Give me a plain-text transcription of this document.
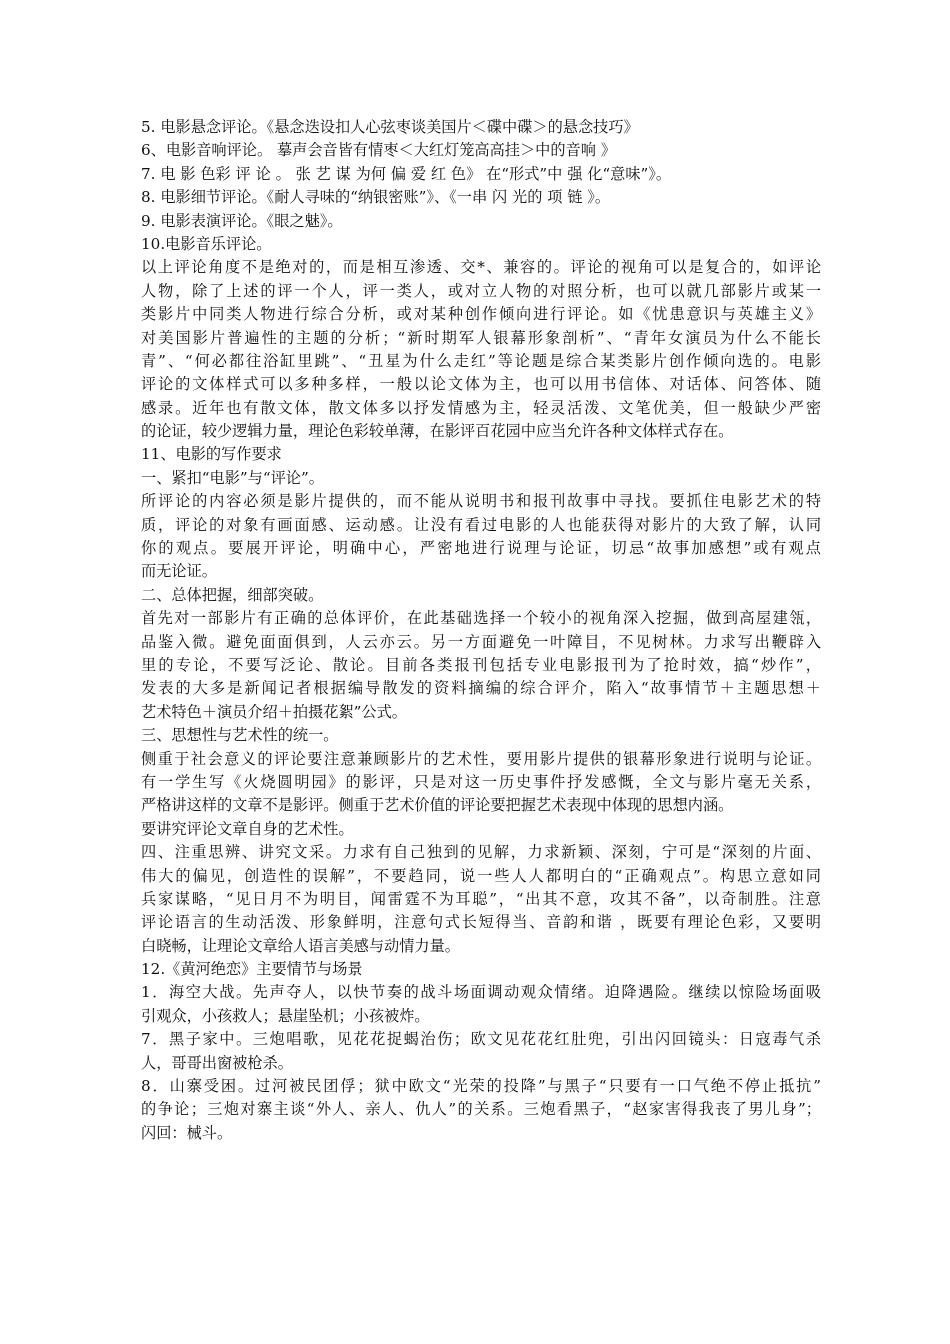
5. 电影悬念评论。《悬念迭设扣人心弦枣谈美国片＜碟中碟＞的悬念技巧》
6、电影音响评论。 摹声会音皆有情枣＜大红灯笼高高挂＞中的音响 》
7. 电 影 色彩 评 论 。 张 艺 谋 为何 偏 爱 红 色》 在“形式”中 强 化“意味”》。
8. 电影细节评论。《耐人寻味的“纳银密账”》、《一串 闪 光的 项 链 》。
9. 电影表演评论。《眼之魅》。
10.电影音乐评论。
以上评论角度不是绝对的，而是相互渗透、交*、兼容的。评论的视角可以是复合的，如评论
人物，除了上述的评一个人，评一类人，或对立人物的对照分析，也可以就几部影片或某一
类影片中同类人物进行综合分析，或对某种创作倾向进行评论。如《忧患意识与英雄主义》
对美国影片普遍性的主题的分析；“新时期军人银幕形象剖析”、“青年女演员为什么不能长
青”、“何必都往浴缸里跳”、“丑星为什么走红”等论题是综合某类影片创作倾向选的。电影
评论的文体样式可以多种多样，一般以论文体为主，也可以用书信体、对话体、问答体、随
感录。近年也有散文体，散文体多以抒发情感为主，轻灵活泼、文笔优美，但一般缺少严密
的论证，较少逻辑力量，理论色彩较单薄，在影评百花园中应当允许各种文体样式存在。
11、电影的写作要求
一、紧扣“电影”与“评论”。
所评论的内容必须是影片提供的，而不能从说明书和报刊故事中寻找。要抓住电影艺术的特
质，评论的对象有画面感、运动感。让没有看过电影的人也能获得对影片的大致了解，认同
你的观点。要展开评论，明确中心，严密地进行说理与论证，切忌“故事加感想”或有观点
而无论证。
二、总体把握，细部突破。
首先对一部影片有正确的总体评价，在此基础选择一个较小的视角深入挖掘，做到高屋建瓴，
品鉴入微。避免面面俱到，人云亦云。另一方面避免一叶障目，不见树林。力求写出鞭辟入
里的专论，不要写泛论、散论。目前各类报刊包括专业电影报刊为了抢时效，搞“炒作”，
发表的大多是新闻记者根据编导散发的资料摘编的综合评介，陷入“故事情节＋主题思想＋
艺术特色＋演员介绍＋拍摄花絮”公式。
三、思想性与艺术性的统一。
侧重于社会意义的评论要注意兼顾影片的艺术性，要用影片提供的银幕形象进行说明与论证。
有一学生写《火烧圆明园》的影评，只是对这一历史事件抒发感慨，全文与影片毫无关系，
严格讲这样的文章不是影评。侧重于艺术价值的评论要把握艺术表现中体现的思想内涵。
要讲究评论文章自身的艺术性。
四、注重思辨、讲究文采。力求有自己独到的见解，力求新颖、深刻，宁可是“深刻的片面、
伟大的偏见，创造性的误解”，不要趋同，说一些人人都明白的“正确观点”。构思立意如同
兵家谋略，“见日月不为明目，闻雷霆不为耳聪”，“出其不意，攻其不备”，以奇制胜。注意
评论语言的生动活泼、形象鲜明，注意句式长短得当、音韵和谐 ，既要有理论色彩，又要明
白晓畅，让理论文章给人语言美感与动情力量。
12.《黄河绝恋》主要情节与场景
1．海空大战。先声夺人，以快节奏的战斗场面调动观众情绪。迫降遇险。继续以惊险场面吸
引观众，小孩救人；悬崖坠机；小孩被炸。
7．黑子家中。三炮唱歌，见花花捉蝎治伤；欧文见花花红肚兜，引出闪回镜头：日寇毒气杀
人，哥哥出窗被枪杀。
8．山寨受困。过河被民团俘；狱中欧文“光荣的投降”与黑子“只要有一口气绝不停止抵抗”
的争论；三炮对寨主谈“外人、亲人、仇人”的关系。三炮看黑子，“赵家害得我丧了男儿身”；
闪回：械斗。
